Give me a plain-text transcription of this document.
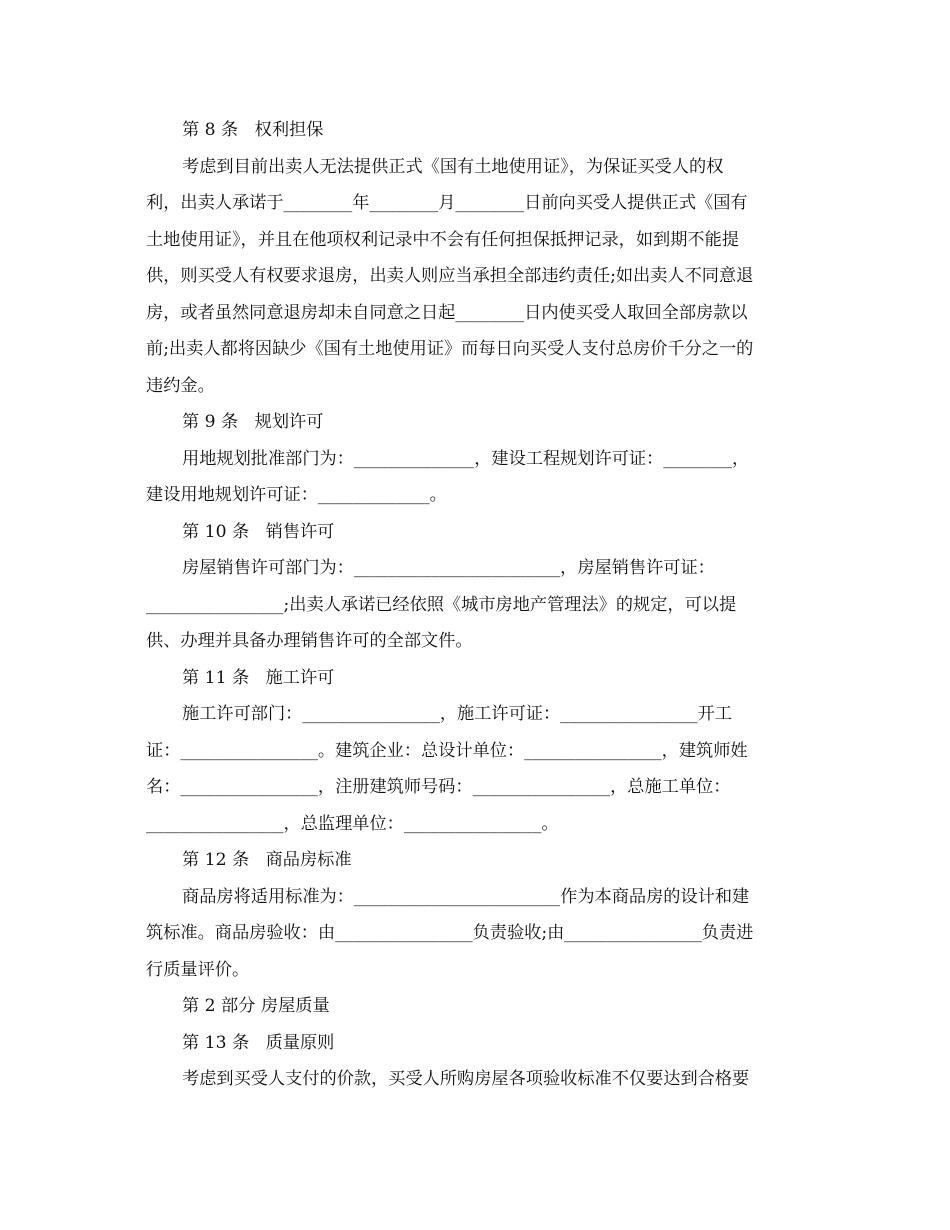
第 8 条   权利担保

考虑到目前出卖人无法提供正式《国有土地使用证》，为保证买受人的权

利，出卖人承诺于________年________月________日前向买受人提供正式《国有

土地使用证》，并且在他项权利记录中不会有任何担保抵押记录，如到期不能提

供，则买受人有权要求退房，出卖人则应当承担全部违约责任;如出卖人不同意退

房，或者虽然同意退房却未自同意之日起________日内使买受人取回全部房款以

前;出卖人都将因缺少《国有土地使用证》而每日向买受人支付总房价千分之一的

违约金。

第 9 条   规划许可

用地规划批准部门为：______________，建设工程规划许可证：________，

建设用地规划许可证：_____________。

第 10 条   销售许可

房屋销售许可部门为：________________________，房屋销售许可证：

________________;出卖人承诺已经依照《城市房地产管理法》的规定，可以提

供、办理并具备办理销售许可的全部文件。

第 11 条   施工许可

施工许可部门：________________，施工许可证：________________开工

证：________________。建筑企业：总设计单位：________________，建筑师姓

名：________________，注册建筑师号码：________________，总施工单位：

________________，总监理单位：________________。

第 12 条   商品房标准

商品房将适用标准为：________________________作为本商品房的设计和建

筑标准。商品房验收：由________________负责验收;由________________负责进

行质量评价。

第 2 部分 房屋质量

第 13 条   质量原则

考虑到买受人支付的价款，买受人所购房屋各项验收标准不仅要达到合格要
